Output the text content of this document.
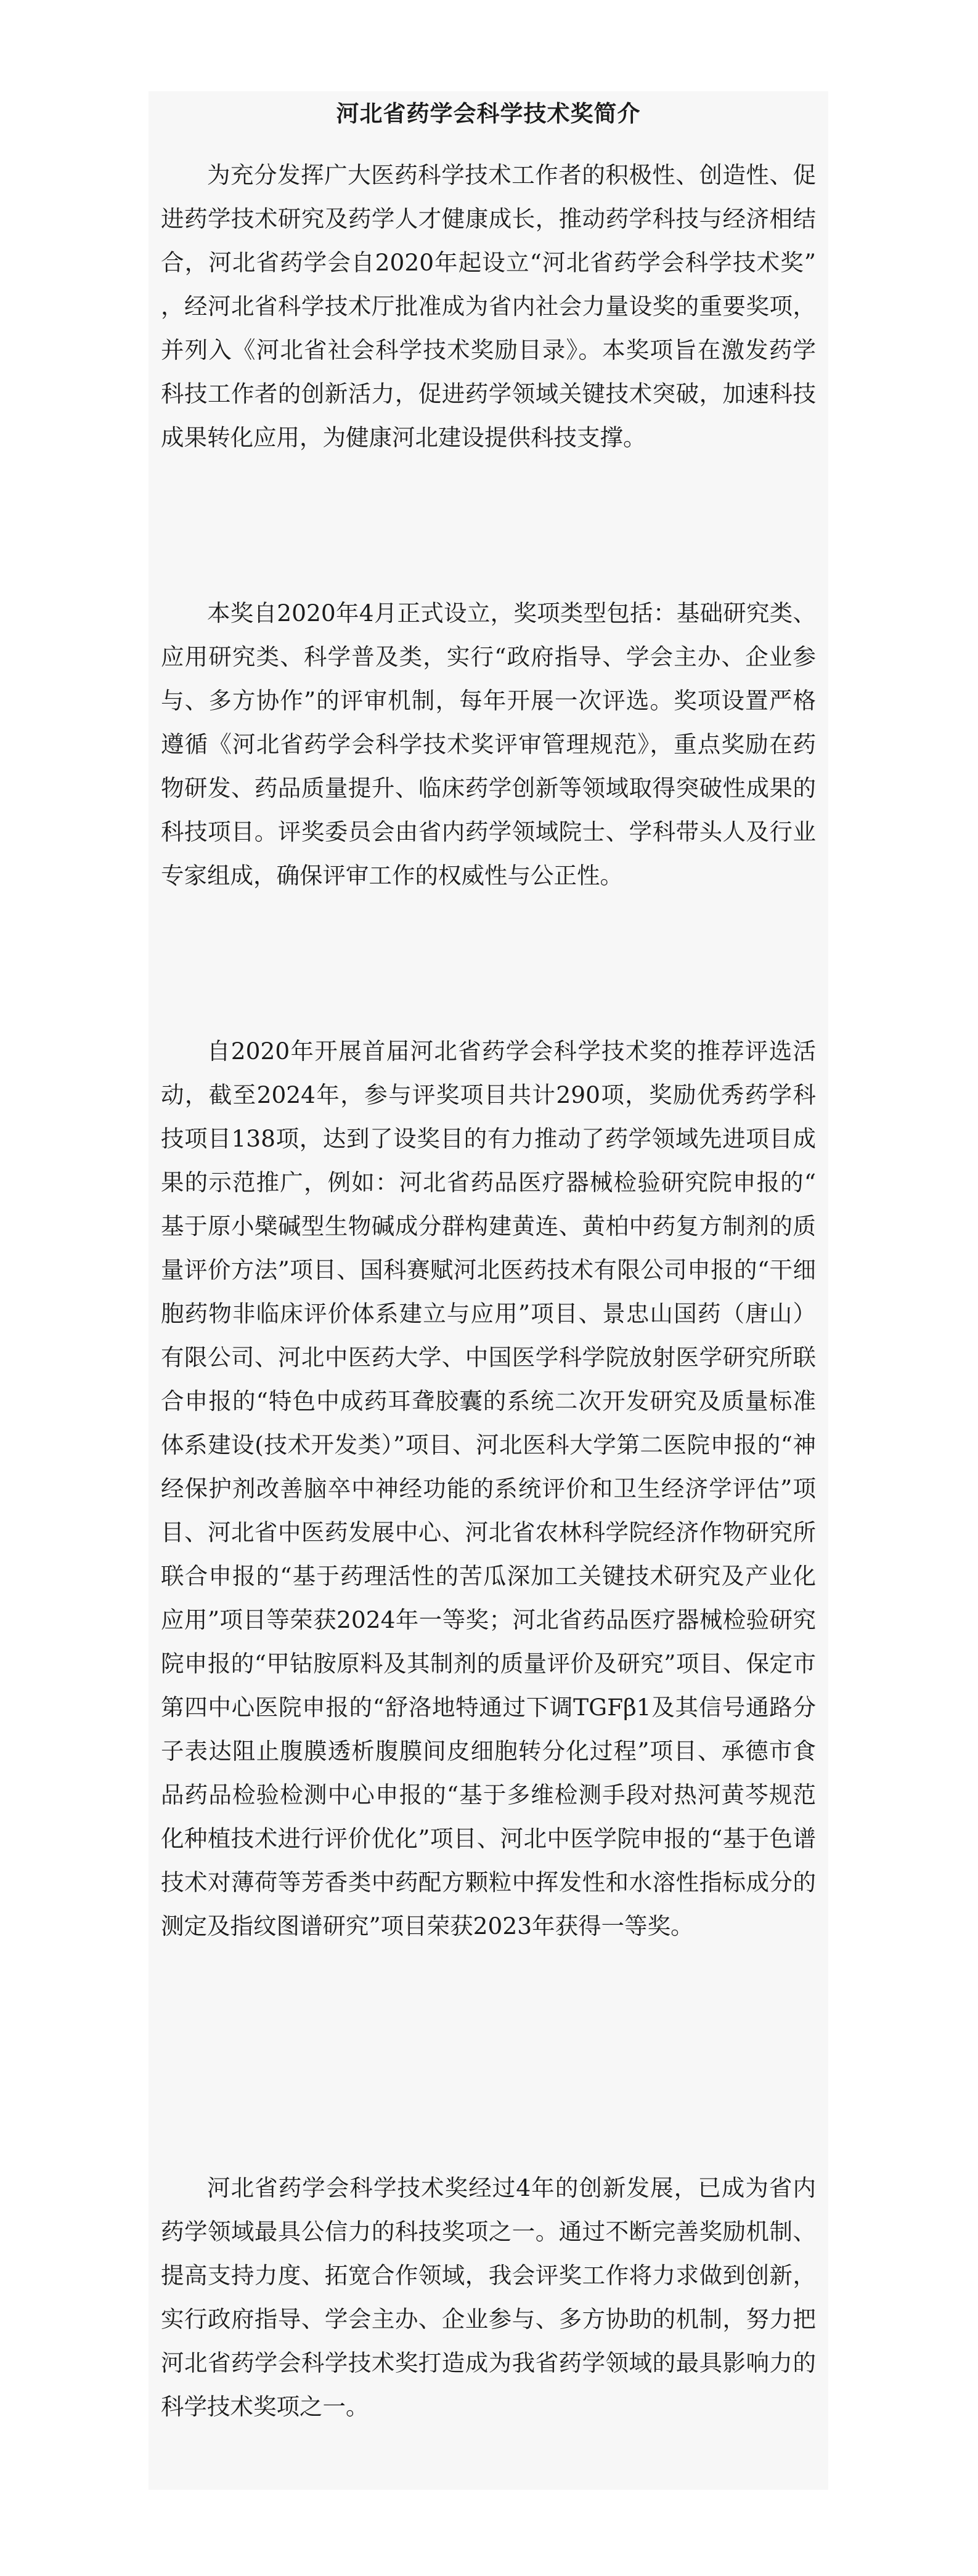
河北省药学会科学技术奖简介

为充分发挥广大医药科学技术工作者的积极性、创造性、促进药学技术研究及药学人才健康成长，推动药学科技与经济相结合，河北省药学会自2020年起设立“河北省药学会科学技术奖”，经河北省科学技术厅批准成为省内社会力量设奖的重要奖项，并列入《河北省社会科学技术奖励目录》。本奖项旨在激发药学科技工作者的创新活力，促进药学领域关键技术突破，加速科技成果转化应用，为健康河北建设提供科技支撑。

本奖自2020年4月正式设立，奖项类型包括：基础研究类、应用研究类、科学普及类，实行“政府指导、学会主办、企业参与、多方协作”的评审机制，每年开展一次评选。奖项设置严格遵循《河北省药学会科学技术奖评审管理规范》，重点奖励在药物研发、药品质量提升、临床药学创新等领域取得突破性成果的科技项目。评奖委员会由省内药学领域院士、学科带头人及行业专家组成，确保评审工作的权威性与公正性。

自2020年开展首届河北省药学会科学技术奖的推荐评选活动，截至2024年，参与评奖项目共计290项，奖励优秀药学科技项目138项，达到了设奖目的有力推动了药学领域先进项目成果的示范推广，例如：河北省药品医疗器械检验研究院申报的“基于原小檗碱型生物碱成分群构建黄连、黄柏中药复方制剂的质量评价方法”项目、国科赛赋河北医药技术有限公司申报的“干细胞药物非临床评价体系建立与应用”项目、景忠山国药（唐山）有限公司、河北中医药大学、中国医学科学院放射医学研究所联合申报的“特色中成药耳聋胶囊的系统二次开发研究及质量标准体系建设(技术开发类）”项目、河北医科大学第二医院申报的“神经保护剂改善脑卒中神经功能的系统评价和卫生经济学评估”项目、河北省中医药发展中心、河北省农林科学院经济作物研究所联合申报的“基于药理活性的苦瓜深加工关键技术研究及产业化应用”项目等荣获2024年一等奖；河北省药品医疗器械检验研究院申报的“甲钴胺原料及其制剂的质量评价及研究”项目、保定市第四中心医院申报的“舒洛地特通过下调TGFβ1及其信号通路分子表达阻止腹膜透析腹膜间皮细胞转分化过程”项目、承德市食品药品检验检测中心申报的“基于多维检测手段对热河黄芩规范化种植技术进行评价优化”项目、河北中医学院申报的“基于色谱技术对薄荷等芳香类中药配方颗粒中挥发性和水溶性指标成分的测定及指纹图谱研究”项目荣获2023年获得一等奖。

河北省药学会科学技术奖经过4年的创新发展，已成为省内药学领域最具公信力的科技奖项之一。通过不断完善奖励机制、提高支持力度、拓宽合作领域，我会评奖工作将力求做到创新，实行政府指导、学会主办、企业参与、多方协助的机制，努力把河北省药学会科学技术奖打造成为我省药学领域的最具影响力的科学技术奖项之一。
